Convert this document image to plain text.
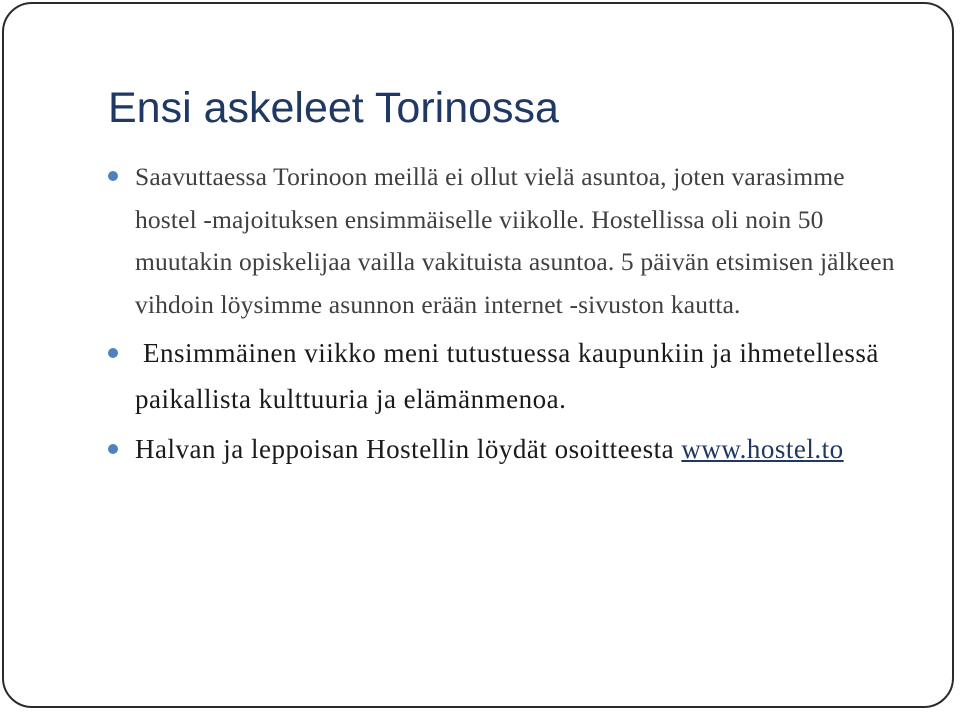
Ensi askeleet Torinossa
Saavuttaessa Torinoon meillä ei ollut vielä asuntoa, joten varasimme hostel -majoituksen ensimmäiselle viikolle. Hostellissa oli noin 50 muutakin opiskelijaa vailla vakituista asuntoa. 5 päivän etsimisen jälkeen vihdoin löysimme asunnon erään internet -sivuston kautta.
Ensimmäinen viikko meni tutustuessa kaupunkiin ja ihmetellessä paikallista kulttuuria ja elämänmenoa.
Halvan ja leppoisan Hostellin löydät osoitteesta www.hostel.to
